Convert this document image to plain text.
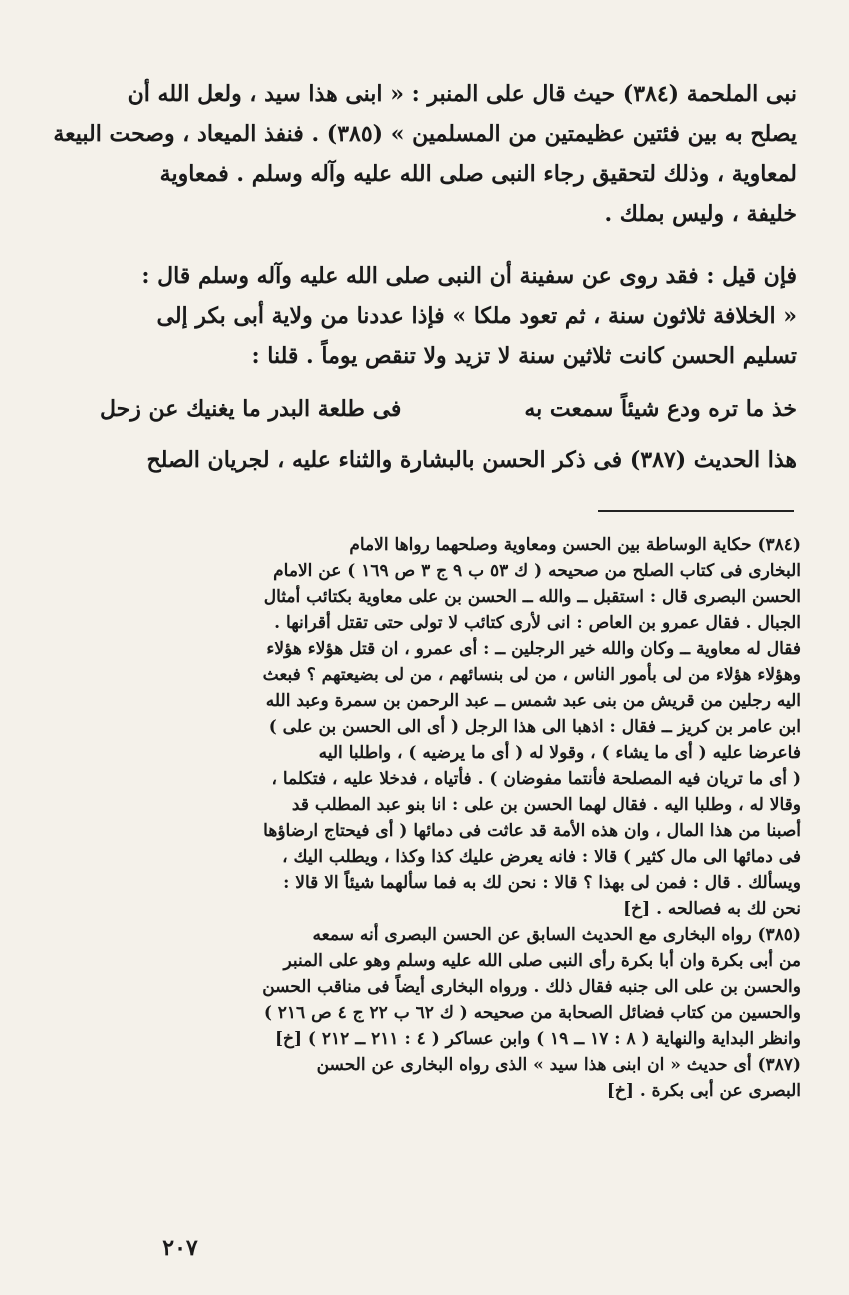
نبى الملحمة (٣٨٤) حيث قال على المنبر : « ابنى هذا سيد ، ولعل الله أن
يصلح به بين فئتين عظيمتين من المسلمين » (٣٨٥) . فنفذ الميعاد ، وصحت البيعة
لمعاوية ، وذلك لتحقيق رجاء النبى صلى الله عليه وآله وسلم . فمعاوية
خليفة ، وليس بملك .
فإن قيل : فقد روى عن سفينة أن النبى صلى الله عليه وآله وسلم قال :
« الخلافة ثلاثون سنة ، ثم تعود ملكا » فإذا عددنا من ولاية أبى بكر إلى
تسليم الحسن كانت ثلاثين سنة لا تزيد ولا تنقص يوماً . قلنا :
خذ ما تره ودع شيئاً سمعت به
فى طلعة البدر ما يغنيك عن زحل
هذا الحديث (٣٨٧) فى ذكر الحسن بالبشارة والثناء عليه ، لجريان الصلح
(٣٨٤) حكاية الوساطة بين الحسن ومعاوية وصلحهما رواها الامام
البخارى فى كتاب الصلح من صحيحه ( ك ٥٣ ب ٩ ج ٣ ص ١٦٩ ) عن الامام
الحسن البصرى قال : استقبل ــ والله ــ الحسن بن على معاوية بكتائب أمثال
الجبال . فقال عمرو بن العاص : انى لأرى كتائب لا تولى حتى تقتل أقرانها .
فقال له معاوية ــ وكان والله خير الرجلين ــ : أى عمرو ، ان قتل هؤلاء هؤلاء
وهؤلاء هؤلاء من لى بأمور الناس ، من لى بنسائهم ، من لى بضيعتهم ؟ فبعث
اليه رجلين من قريش من بنى عبد شمس ــ عبد الرحمن بن سمرة وعبد الله
ابن عامر بن كريز ــ فقال : اذهبا الى هذا الرجل ( أى الى الحسن بن على )
فاعرضا عليه ( أى ما يشاء ) ، وقولا له ( أى ما يرضيه ) ، واطلبا اليه
( أى ما تريان فيه المصلحة فأنتما مفوضان ) . فأتياه ، فدخلا عليه ، فتكلما ،
وقالا له ، وطلبا اليه . فقال لهما الحسن بن على : انا بنو عبد المطلب قد
أصبنا من هذا المال ، وان هذه الأمة قد عاثت فى دمائها ( أى فيحتاج ارضاؤها
فى دمائها الى مال كثير ) قالا : فانه يعرض عليك كذا وكذا ، ويطلب اليك ،
ويسألك . قال : فمن لى بهذا ؟ قالا : نحن لك به فما سألهما شيئاً الا قالا :
نحن لك به فصالحه . [خ]
(٣٨٥) رواه البخارى مع الحديث السابق عن الحسن البصرى أنه سمعه
من أبى بكرة وان أبا بكرة رأى النبى صلى الله عليه وسلم وهو على المنبر
والحسن بن على الى جنبه فقال ذلك . ورواه البخارى أيضاً فى مناقب الحسن
والحسين من كتاب فضائل الصحابة من صحيحه ( ك ٦٢ ب ٢٢ ج ٤ ص ٢١٦ )
وانظر البداية والنهاية ( ٨ : ١٧ ــ ١٩ ) وابن عساكر ( ٤ : ٢١١ ــ ٢١٢ ) [خ]
(٣٨٧) أى حديث « ان ابنى هذا سيد » الذى رواه البخارى عن الحسن
البصرى عن أبى بكرة . [خ]
٢٠٧
